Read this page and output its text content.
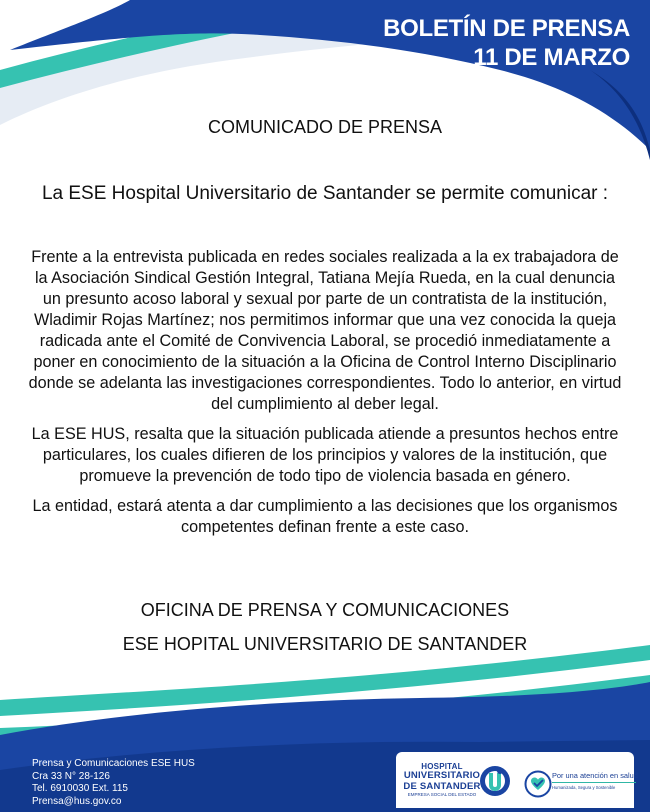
BOLETÍN DE PRENSA
11 DE MARZO
COMUNICADO DE PRENSA
La ESE Hospital Universitario de Santander se permite comunicar :

Frente a la entrevista publicada en redes sociales realizada a la ex trabajadora de la Asociación Sindical Gestión Integral, Tatiana Mejía Rueda, en la cual denuncia un presunto acoso laboral y sexual por parte de un contratista de la institución, Wladimir Rojas Martínez; nos permitimos informar que una vez conocida la queja radicada ante el Comité de Convivencia Laboral, se procedió inmediatamente a poner en conocimiento de la situación a la Oficina de Control Interno Disciplinario donde se adelanta las investigaciones correspondientes. Todo lo anterior, en virtud del cumplimiento al deber legal.

La ESE HUS, resalta que la situación publicada atiende a presuntos hechos entre particulares, los cuales difieren de los principios y valores de la institución, que promueve la prevención de todo tipo de violencia basada en género.

La entidad, estará atenta a dar cumplimiento a las decisiones que los organismos competentes definan frente a este caso.

OFICINA DE PRENSA Y COMUNICACIONES
ESE HOPITAL UNIVERSITARIO DE SANTANDER
Prensa y Comunicaciones ESE HUS
Cra 33 N° 28-126
Tel. 6910030 Ext. 115
Prensa@hus.gov.co
HOSPITAL
UNIVERSITARIO
DE SANTANDER
EMPRESA SOCIAL DEL ESTADO
Por una atención en salud
Humanizada, Segura y Sostenible
